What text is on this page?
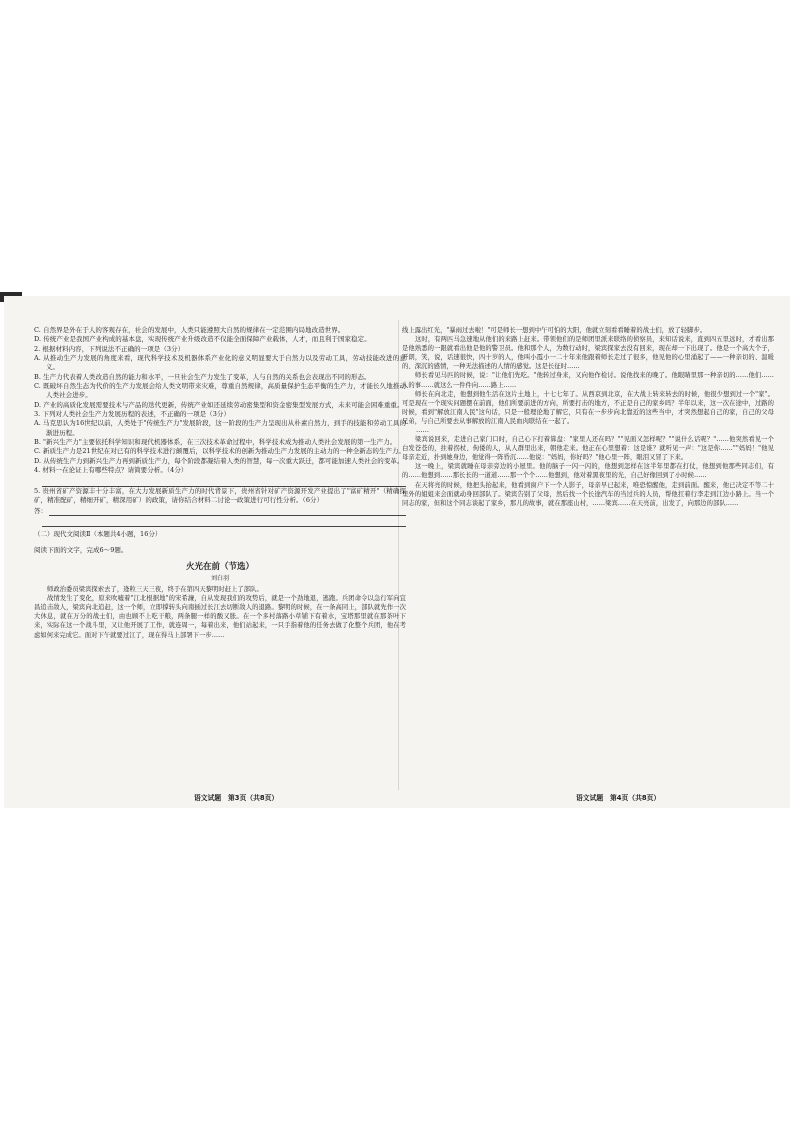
C. 自然界是外在于人的客观存在，社会的发展中，人类只能遵照大自然的规律在一定范围内局地改造世界。

D. 传统产业是我国产业构成的基本盘，实现传统产业升级改造不仅能全面保障产业载体，人才，而且利于国家稳定。

2. 根据材料内容，下列说法不正确的一项是（3分）

A. 从推动生产力发展的角度来看，现代科学技术及机器体系产业化的意义明显要大于自然力以及劳动工具，劳动技能改进的意义。

B. 生产力代表着人类改造自然的能力和水平，一旦社会生产力发生了变革，人与自然的关系也会表现出不同的形态。

C. 既破坏自然生态为代价的生产力发展会给人类文明带来灾难，尊重自然规律，高质量保护生态平衡的生产力，才能长久地推动人类社会进步。

D. 产业的高质化发展需要技术与产品的迭代更新，传统产业如还延续劳动密集型和资金密集型发展方式，未来可能会困难重重。

3. 下列对人类社会生产力发展历程的表述，不正确的一项是（3分）

A. 马克思认为16世纪以前，人类处于"传统生产力"发展阶段，这一阶段的生产力呈现出从朴素自然力，到手的技能和劳动工具的渐进历程。

B. "新兴生产力"主要依托科学知识和现代机器体系，在三次技术革命过程中，科学技术成为推动人类社会发展的第一生产力。

C. 新质生产力是21世纪在对已有的科学技术进行颠覆后，以科学技术的创新为推动生产力发展的主动力的一种全新态的生产力。

D. 从传统生产力到新兴生产力再到新质生产力，每个阶段都凝结着人类的智慧，每一次重大跃迁，都可能加速人类社会的变革。

4. 材料一在论证上有哪些特点？请简要分析。（4分）

5. 贵州省矿产资源丰十分丰富，在大力发展新质生产力的时代背景下，贵州省针对矿产资源开发产业提出了"富矿精开"（精确探矿，精准配矿，精细开矿，精深用矿）的政策，请你结合材料二讨论一政策进行可行性分析。（6分）

答：

（二）现代文阅读Ⅱ（本题共4小题，16分）

阅读下面的文字，完成6～9题。

火光在前（节选）
刘白羽

师政治委员梁宾探索去了，逄粒三天三夜，终于在第四天黎明时赶上了部队。

战情发生了变化，原来吹嘘着"江北根据地"的宋希濂，自从发现我们的攻势后，就是一个劲地退，逃跑。兵团命令以急行军向宜昌追击敌人，梁宾向北追赶，这一个师，立即撑转头向南插过长江去切断敌人的退路。黎明的时候，在一条高同上，部队就先作一次大休息，就在万分的战士们，由也顾不上吃干粮，两条腿一样的酸又胀。在一个多村落路小草铺下有着水，宝塔那里就在那茶叶下来，实际在这一个战斗里，又让他开展了工作，就连周一，每着出来，他们站起来，一只手指着他的任务去做了化整个兵团，他在考虑如何来完成它。面对下午就要过江了，现在得马上部署下一步……

线上露出红光，"暴雨过去啦！"可是师长一想到中午可怕的大阳，他就立刻看看睡着的战士们，放了轻脚步。

这时，有两匹马急速地从他们的来路上赶来。带领他们的是师团里派来联络的侦察员，来知话说来，直到四五里远时，才看出那是他熟悉的一跟就看出他是他的警卫员。他和那个人，为数行动时，梁宾探家去没有回来，现在却一下出现了。他是一个高大个子，开朗，笑，说，话速很快，四十岁的人，他叫小霞小一二十年来他跟着师长走过了很多，他见他的心里涌起了——一种亲切的、温暖的、深沉的感情，一种无法描述的人情的感觉。这是长征时……

师长看见马匹的时候，说："让他们先吃。"他转过身来，又向他作检讨。说他找来的晚了。他眼睛里那一种亲切的……他们……人的事……就这么一件件向……路上……

师长在向北走，他想到他生活在这片土地上，十七七年了。从西京到北京，在大战上转来转去的时候，他很少想到过一个"家"。可是现在一个现实问题摆在前面，他们所要前进的方向，所要打击的地方，不正是自己的家乡吗？半年以来，这一次在途中，过路的时候，看到"解放江南人民"这句话，只是一般理论地了解它，只有在一步步向北靠近的这些当中，才突然想起自己的家，自己的父母兄弟，与自己所要去从事解放的江南人民血肉联结在一起了。

……

梁宾说回来，走进自己家门口时，自己心下打着算盘："家里人还在吗？""见面又怎样呢？""说什么话呢？"……他突然看见一个白发苍苍的，拄着拐杖、佝偻的人，从人群里出来，朝他走来。他正在心里想着：这是谁？就听见一声："这是你……""妈妈！"他见母亲走近，扑到她身边，他觉得一阵昏沉……他说："妈妈，你好吗？"他心里一阵，眼泪又冒了下来。

这一晚上，梁宾就睡在母亲旁边的小屋里。他的脑子一闪一闪的，他想到怎样在这半年里都在打仗，他想到他那些同志们，有的……他想到……那长长的一道道……那一个个……他想到，他对着黑夜里的光，自己好像回到了小时候……

在天将亮的时候，他把头抬起来，他看到窗户下一个人影子，母亲早已起来，唯恐惊醒他，走到前面。醒来，他已决定不等二十里外的姐姐来会面就动身回部队了。梁宾告别了父母，然后找一个长途汽车的当过兵的人员，帮他扛着行李走到江边小路上。当一个同志的家，但和这个同志谈起了家乡，那儿的故事，就在那座山村，……梁宾……在天亮前，出发了，向那边的部队……

语文试题　第3页（共8页）	语文试题　第4页（共8页）
